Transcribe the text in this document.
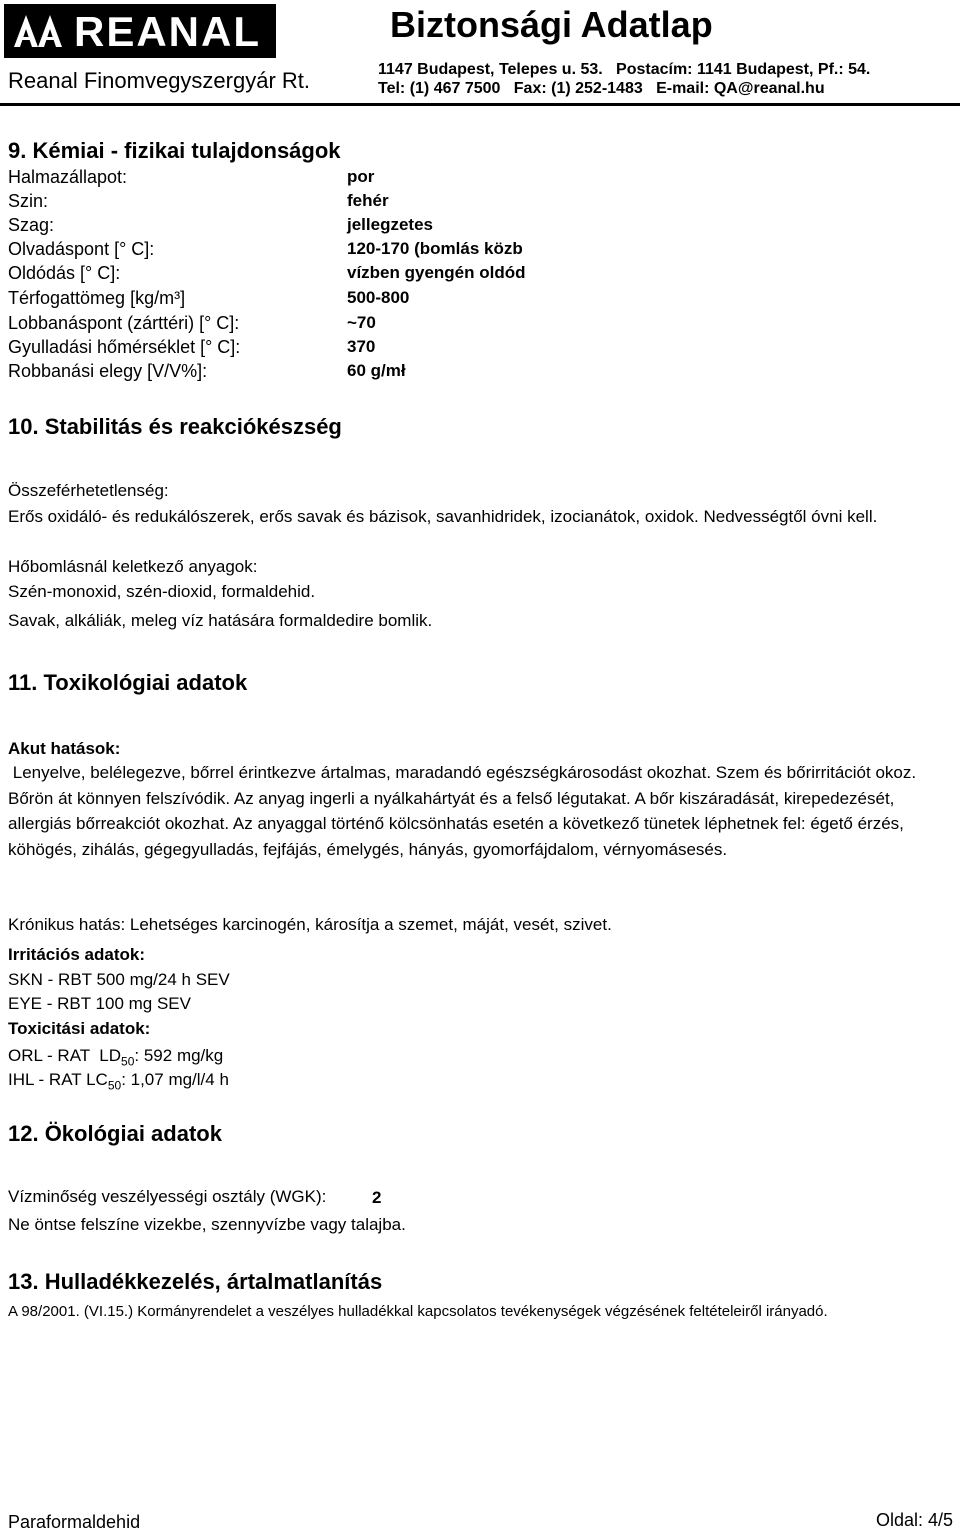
REANAL	Biztonsági Adatlap
Reanal Finomvegyszergyár Rt.	1147 Budapest, Telepes u. 53.   Postacím: 1141 Budapest, Pf.: 54.
Tel: (1) 467 7500   Fax: (1) 252-1483   E-mail: QA@reanal.hu
9. Kémiai - fizikai tulajdonságok
Halmazállapot:	por
Szin:	fehér
Szag:	jellegzetes
Olvadáspont [° C]:	120-170 (bomlás közb
Oldódás [° C]:	vízben gyengén oldód
Térfogattömeg [kg/m³]	500-800
Lobbanáspont (zárttéri) [° C]:	~70
Gyulladási hőmérséklet [° C]:	370
Robbanási elegy [V/V%]:	60 g/mł
10. Stabilitás és reakciókészség
Összeférhetetlenség:
Erős oxidáló- és redukálószerek, erős savak és bázisok, savanhidridek, izocianátok, oxidok. Nedvességtől óvni kell.
Hőbomlásnál keletkező anyagok:
Szén-monoxid, szén-dioxid, formaldehid.
Savak, alkáliák, meleg víz hatására formaldedire bomlik.
11. Toxikológiai adatok
Akut hatások:
Lenyelve, belélegezve, bőrrel érintkezve ártalmas, maradandó egészségkárosodást okozhat. Szem és bőrirritációt okoz. Bőrön át könnyen felszívódik. Az anyag ingerli a nyálkahártyát és a felső légutakat. A bőr kiszáradását, kirepedezését, allergiás bőrreakciót okozhat. Az anyaggal történő kölcsönhatás esetén a következő tünetek léphetnek fel: égető érzés, köhögés, zihálás, gégegyulladás, fejfájás, émelygés, hányás, gyomorfájdalom, vérnyomásesés.
Krónikus hatás: Lehetséges karcinogén, károsítja a szemet, máját, vesét, szivet.
Irritációs adatok:
SKN - RBT 500 mg/24 h SEV
EYE - RBT 100 mg SEV
Toxicitási adatok:
ORL - RAT  $LD_{50}$: 592 mg/kg
IHL - RAT $LC_{50}$: 1,07 mg/l/4 h
12. Ökológiai adatok
Vízminőség veszélyességi osztály (WGK):	2
Ne öntse felszíne vizekbe, szennyvízbe vagy talajba.
13. Hulladékkezelés, ártalmatlanítás
A 98/2001. (VI.15.) Kormányrendelet a veszélyes hulladékkal kapcsolatos tevékenységek végzésének feltételeiről irányadó.
Paraformaldehid	Oldal: 4/5
